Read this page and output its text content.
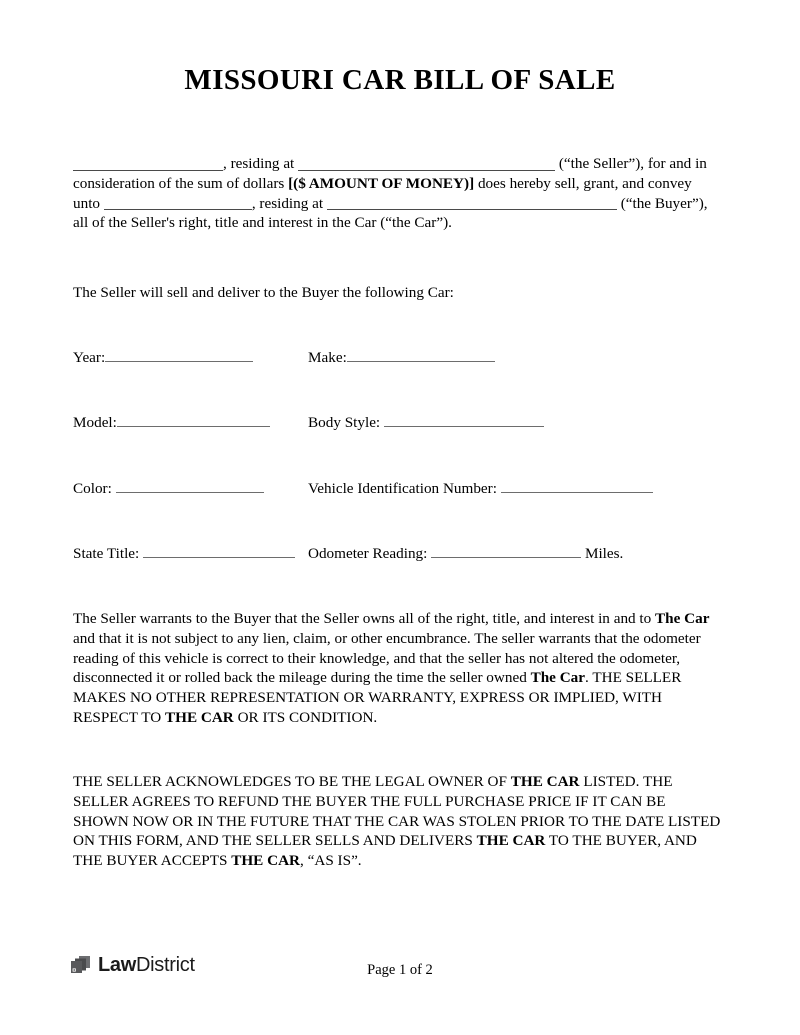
MISSOURI CAR BILL OF SALE

, residing at	(“the Seller”), for and in consideration of the sum of dollars [($ AMOUNT OF MONEY)] does hereby sell, grant, and convey unto	, residing at	(“the Buyer”), all of the Seller's right, title and interest in the Car (“the Car”).

The Seller will sell and deliver to the Buyer the following Car:

Year:	Make:
Model:	Body Style:
Color:	Vehicle Identification Number:
State Title:	Odometer Reading:	Miles.

The Seller warrants to the Buyer that the Seller owns all of the right, title, and interest in and to The Car and that it is not subject to any lien, claim, or other encumbrance. The seller warrants that the odometer reading of this vehicle is correct to their knowledge, and that the seller has not altered the odometer, disconnected it or rolled back the mileage during the time the seller owned The Car. THE SELLER MAKES NO OTHER REPRESENTATION OR WARRANTY, EXPRESS OR IMPLIED, WITH RESPECT TO THE CAR OR ITS CONDITION.

THE SELLER ACKNOWLEDGES TO BE THE LEGAL OWNER OF THE CAR LISTED. THE SELLER AGREES TO REFUND THE BUYER THE FULL PURCHASE PRICE IF IT CAN BE SHOWN NOW OR IN THE FUTURE THAT THE CAR WAS STOLEN PRIOR TO THE DATE LISTED ON THIS FORM, AND THE SELLER SELLS AND DELIVERS THE CAR TO THE BUYER, AND THE BUYER ACCEPTS THE CAR, “AS IS”.

LawDistrict	Page 1 of 2
